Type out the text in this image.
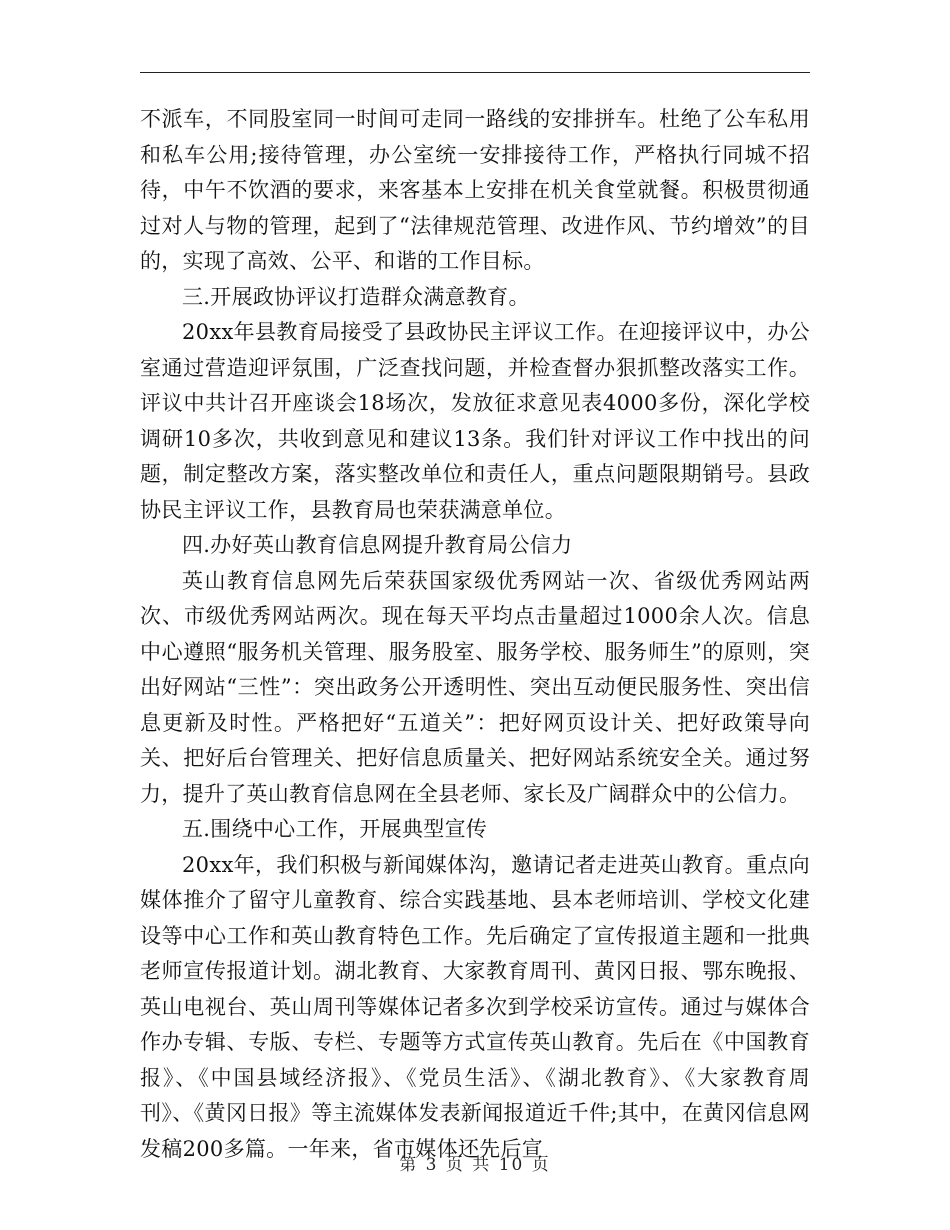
不派车，不同股室同一时间可走同一路线的安排拼车。杜绝了公车私用和私车公用;接待管理，办公室统一安排接待工作，严格执行同城不招待，中午不饮酒的要求，来客基本上安排在机关食堂就餐。积极贯彻通过对人与物的管理，起到了“法律规范管理、改进作风、节约增效”的目的，实现了高效、公平、和谐的工作目标。

三.开展政协评议打造群众满意教育。

20xx年县教育局接受了县政协民主评议工作。在迎接评议中，办公室通过营造迎评氛围，广泛查找问题，并检查督办狠抓整改落实工作。评议中共计召开座谈会18场次，发放征求意见表4000多份，深化学校调研10多次，共收到意见和建议13条。我们针对评议工作中找出的问题，制定整改方案，落实整改单位和责任人，重点问题限期销号。县政协民主评议工作，县教育局也荣获满意单位。

四.办好英山教育信息网提升教育局公信力

英山教育信息网先后荣获国家级优秀网站一次、省级优秀网站两次、市级优秀网站两次。现在每天平均点击量超过1000余人次。信息中心遵照“服务机关管理、服务股室、服务学校、服务师生”的原则，突出好网站“三性”：突出政务公开透明性、突出互动便民服务性、突出信息更新及时性。严格把好“五道关”：把好网页设计关、把好政策导向关、把好后台管理关、把好信息质量关、把好网站系统安全关。通过努力，提升了英山教育信息网在全县老师、家长及广阔群众中的公信力。

五.围绕中心工作，开展典型宣传

20xx年，我们积极与新闻媒体沟，邀请记者走进英山教育。重点向媒体推介了留守儿童教育、综合实践基地、县本老师培训、学校文化建设等中心工作和英山教育特色工作。先后确定了宣传报道主题和一批典老师宣传报道计划。湖北教育、大家教育周刊、黄冈日报、鄂东晚报、英山电视台、英山周刊等媒体记者多次到学校采访宣传。通过与媒体合作办专辑、专版、专栏、专题等方式宣传英山教育。先后在《中国教育报》、《中国县域经济报》、《党员生活》、《湖北教育》、《大家教育周刊》、《黄冈日报》等主流媒体发表新闻报道近千件;其中，在黄冈信息网发稿200多篇。一年来，省市媒体还先后宣

第 3 页 共 10 页
